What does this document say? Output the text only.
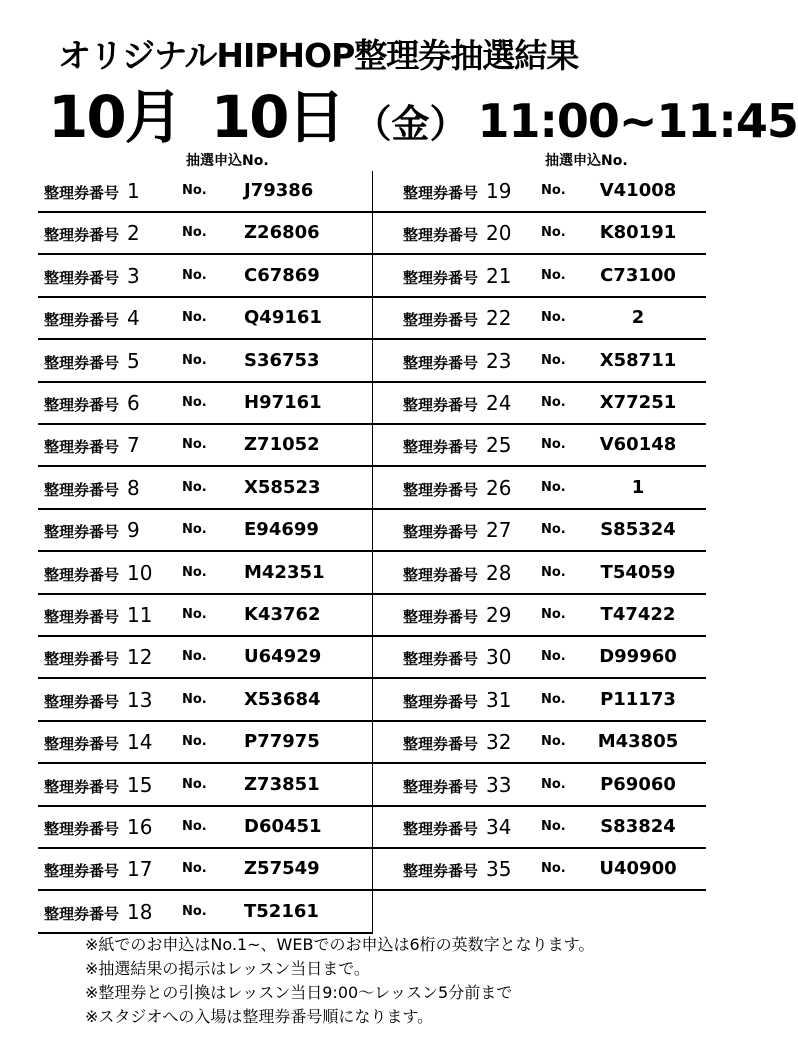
オリジナルHIPHOP整理券抽選結果
10月 10日 （金） 11:00~11:45
抽選申込No.	抽選申込No.
整理券番号 1	No. J79386
整理券番号 2	No. Z26806
整理券番号 3	No. C67869
整理券番号 4	No. Q49161
整理券番号 5	No. S36753
整理券番号 6	No. H97161
整理券番号 7	No. Z71052
整理券番号 8	No. X58523
整理券番号 9	No. E94699
整理券番号 10 No. M42351
整理券番号 11 No. K43762
整理券番号 12 No. U64929
整理券番号 13 No. X53684
整理券番号 14 No. P77975
整理券番号 15 No. Z73851
整理券番号 16 No. D60451
整理券番号 17 No. Z57549
整理券番号 18 No. T52161
整理券番号 19 No.	V41008
整理券番号 20 No.	K80191
整理券番号 21 No.	C73100
整理券番号 22 No.	2
整理券番号 23 No.	X58711
整理券番号 24 No.	X77251
整理券番号 25 No.	V60148
整理券番号 26 No.	1
整理券番号 27 No.	S85324
整理券番号 28 No.	T54059
整理券番号 29 No.	T47422
整理券番号 30 No.	D99960
整理券番号 31 No.	P11173
整理券番号 32 No.	M43805
整理券番号 33 No.	P69060
整理券番号 34 No.	S83824
整理券番号 35 No.	U40900
※紙でのお申込はNo.1~、WEBでのお申込は6桁の英数字となります。
※抽選結果の掲示はレッスン当日まで。
※整理券との引換はレッスン当日9:00～レッスン5分前まで
※スタジオへの入場は整理券番号順になります。
